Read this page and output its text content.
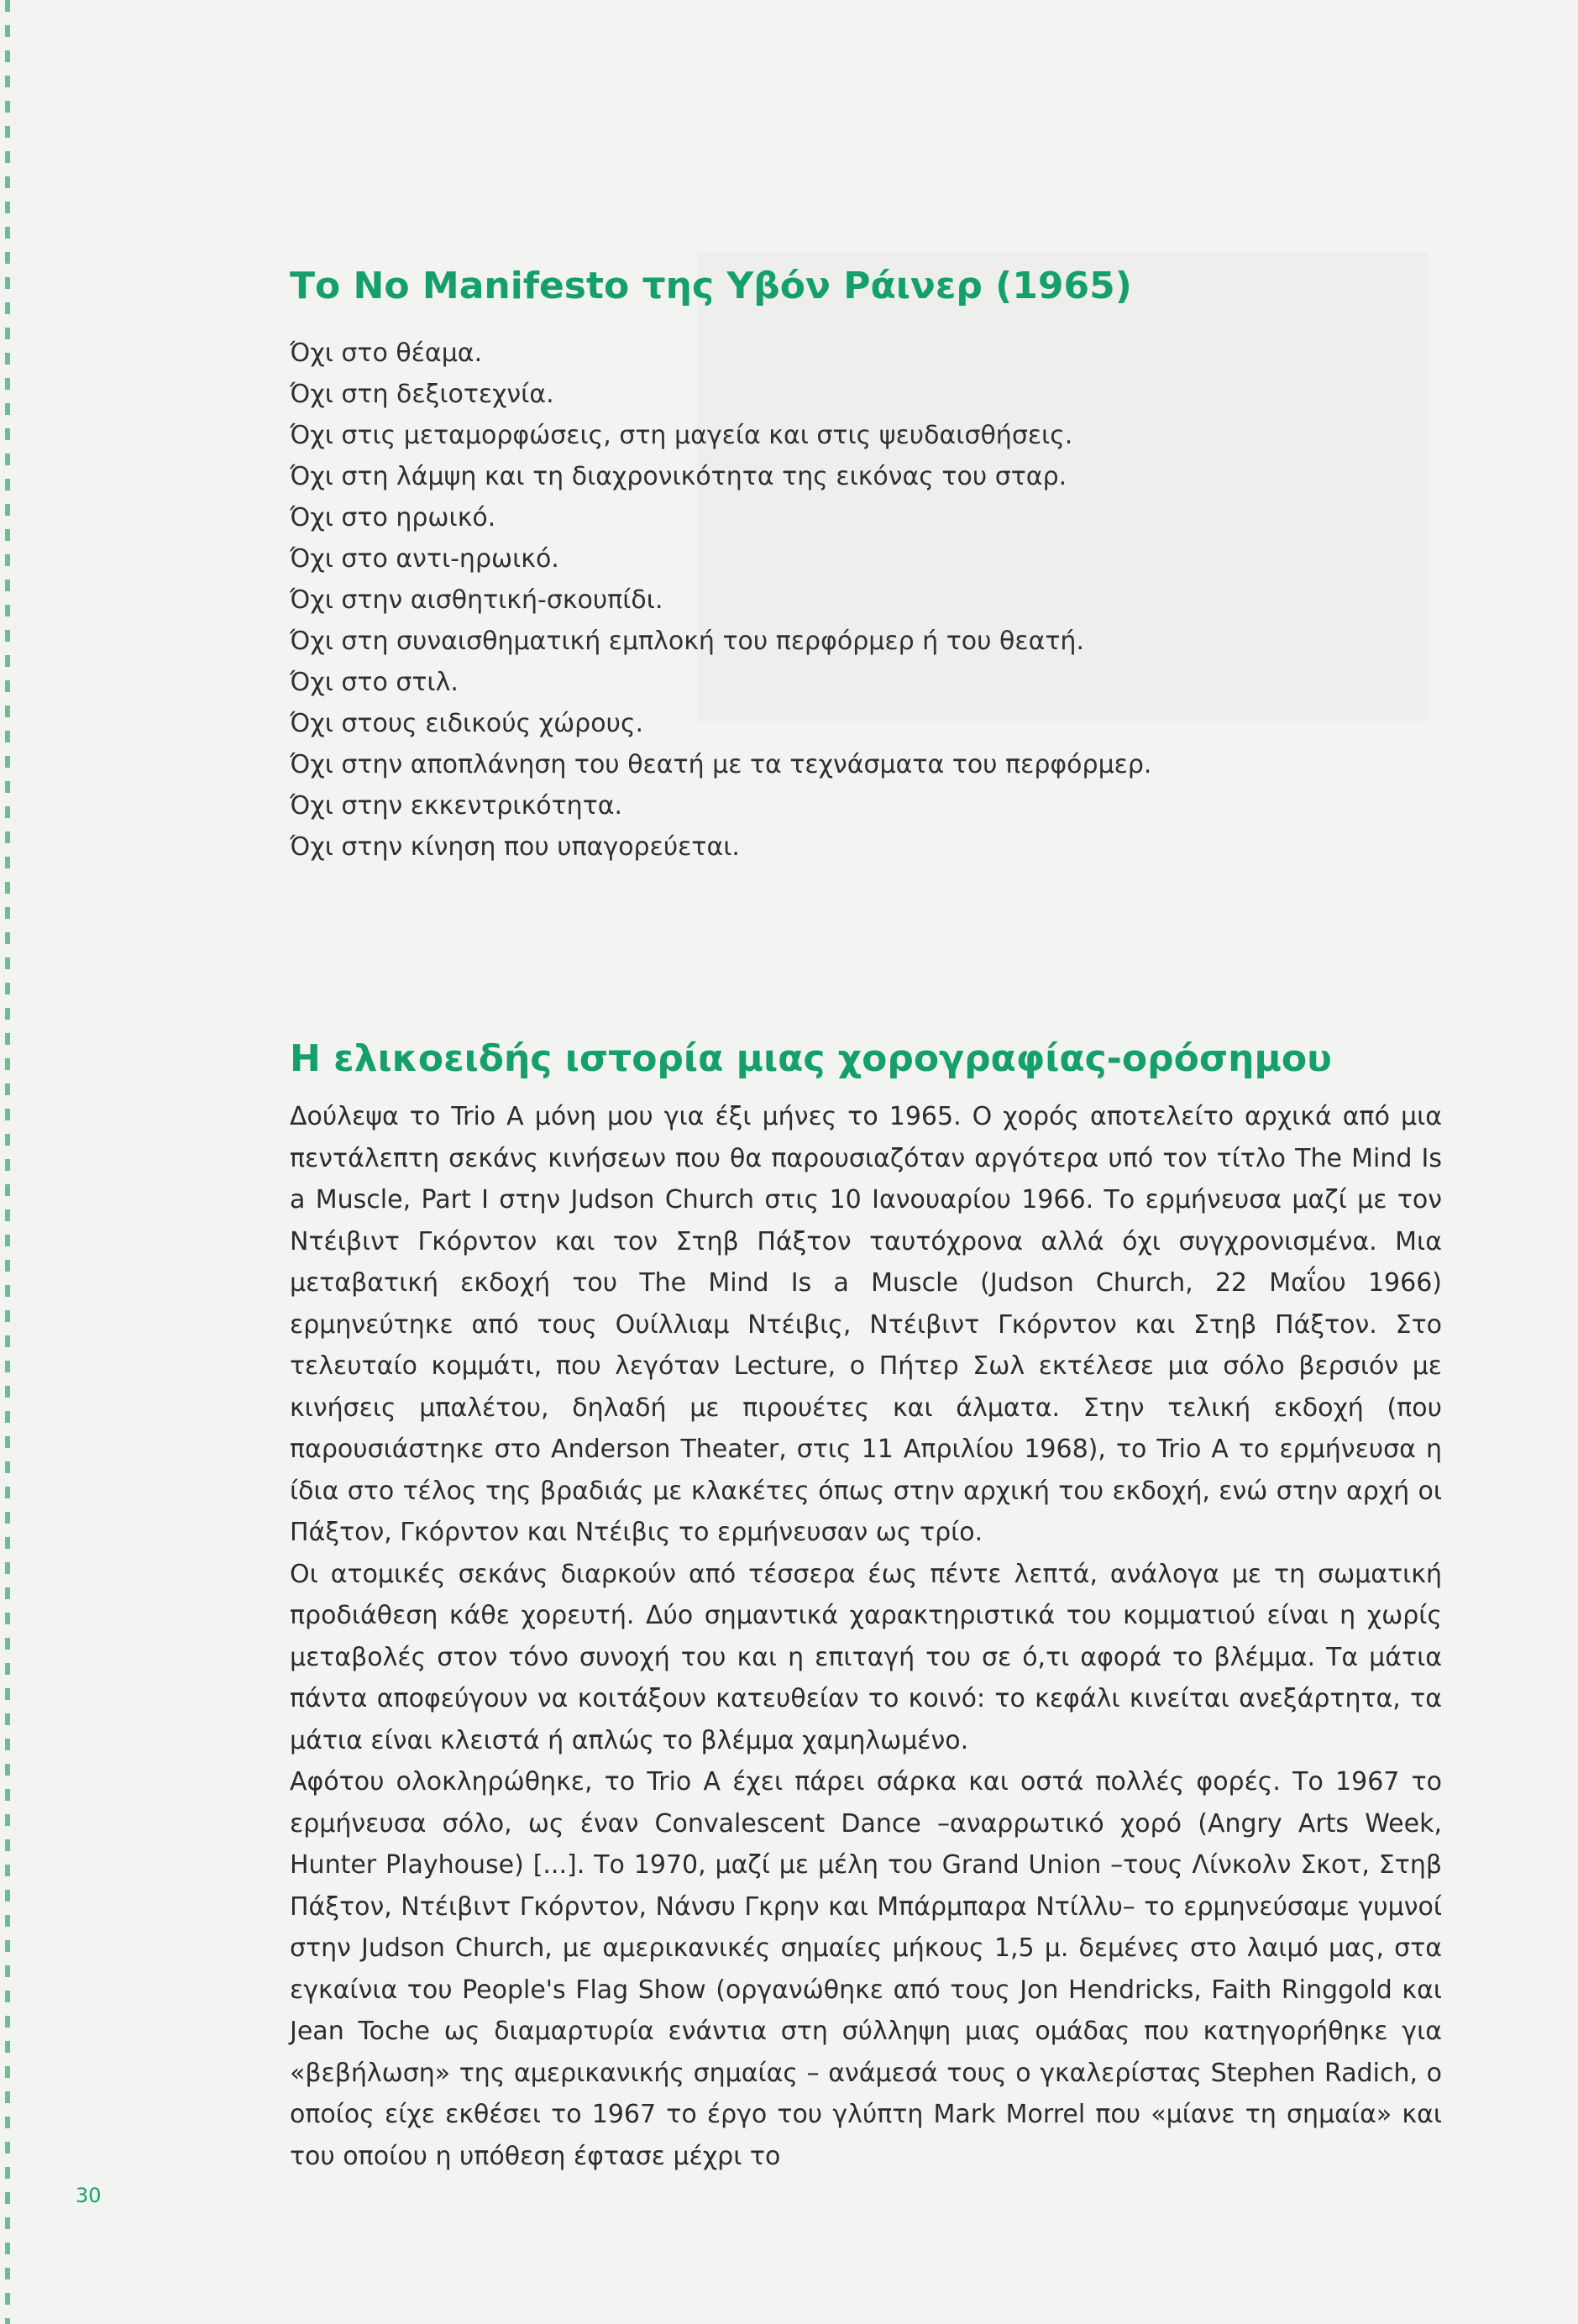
Το No Manifesto της Υβόν Ράινερ (1965)
Όχι στο θέαμα.
Όχι στη δεξιοτεχνία.
Όχι στις μεταμορφώσεις, στη μαγεία και στις ψευδαισθήσεις.
Όχι στη λάμψη και τη διαχρονικότητα της εικόνας του σταρ.
Όχι στο ηρωικό.
Όχι στο αντι-ηρωικό.
Όχι στην αισθητική-σκουπίδι.
Όχι στη συναισθηματική εμπλοκή του περφόρμερ ή του θεατή.
Όχι στο στιλ.
Όχι στους ειδικούς χώρους.
Όχι στην αποπλάνηση του θεατή με τα τεχνάσματα του περφόρμερ.
Όχι στην εκκεντρικότητα.
Όχι στην κίνηση που υπαγορεύεται.
Η ελικοειδής ιστορία μιας χορογραφίας-ορόσημου

Δούλεψα το Trio A μόνη μου για έξι μήνες το 1965. Ο χορός αποτελείτο αρχικά από μια πεντάλεπτη σεκάνς κινήσεων που θα παρουσιαζόταν αργότερα υπό τον τίτλο The Mind Is a Muscle, Part I στην Judson Church στις 10 Ιανουαρίου 1966. Το ερμήνευσα μαζί με τον Ντέιβιντ Γκόρντον και τον Στηβ Πάξτον ταυτόχρονα αλλά όχι συγχρονισμένα. Μια μεταβατική εκδοχή του The Mind Is a Muscle (Judson Church, 22 Μαΐου 1966) ερμηνεύτηκε από τους Ουίλλιαμ Ντέιβις, Ντέιβιντ Γκόρντον και Στηβ Πάξτον. Στο τελευταίο κομμάτι, που λεγόταν Lecture, ο Πήτερ Σωλ εκτέλεσε μια σόλο βερσιόν με κινήσεις μπαλέτου, δηλαδή με πιρουέτες και άλματα. Στην τελική εκδοχή (που παρουσιάστηκε στο Anderson Theater, στις 11 Απριλίου 1968), το Trio A το ερμήνευσα η ίδια στο τέλος της βραδιάς με κλακέτες όπως στην αρχική του εκδοχή, ενώ στην αρχή οι Πάξτον, Γκόρντον και Ντέιβις το ερμήνευσαν ως τρίο.

Οι ατομικές σεκάνς διαρκούν από τέσσερα έως πέντε λεπτά, ανάλογα με τη σωματική προδιάθεση κάθε χορευτή. Δύο σημαντικά χαρακτηριστικά του κομματιού είναι η χωρίς μεταβολές στον τόνο συνοχή του και η επιταγή του σε ό,τι αφορά το βλέμμα. Τα μάτια πάντα αποφεύγουν να κοιτάξουν κατευθείαν το κοινό: το κεφάλι κινείται ανεξάρτητα, τα μάτια είναι κλειστά ή απλώς το βλέμμα χαμηλωμένο.

Αφότου ολοκληρώθηκε, το Trio A έχει πάρει σάρκα και οστά πολλές φορές. Το 1967 το ερμήνευσα σόλο, ως έναν Convalescent Dance –αναρρωτικό χορό (Angry Arts Week, Hunter Playhouse) [...]. Το 1970, μαζί με μέλη του Grand Union –τους Λίνκολν Σκοτ, Στηβ Πάξτον, Ντέιβιντ Γκόρντον, Νάνσυ Γκρην και Μπάρμπαρα Ντίλλυ– το ερμηνεύσαμε γυμνοί στην Judson Church, με αμερικανικές σημαίες μήκους 1,5 μ. δεμένες στο λαιμό μας, στα εγκαίνια του People's Flag Show (οργανώθηκε από τους Jon Hendricks, Faith Ringgold και Jean Toche ως διαμαρτυρία ενάντια στη σύλληψη μιας ομάδας που κατηγορήθηκε για «βεβήλωση» της αμερικανικής σημαίας – ανάμεσά τους ο γκαλερίστας Stephen Radich, ο οποίος είχε εκθέσει το 1967 το έργο του γλύπτη Mark Morrel που «μίανε τη σημαία» και του οποίου η υπόθεση έφτασε μέχρι το

30
